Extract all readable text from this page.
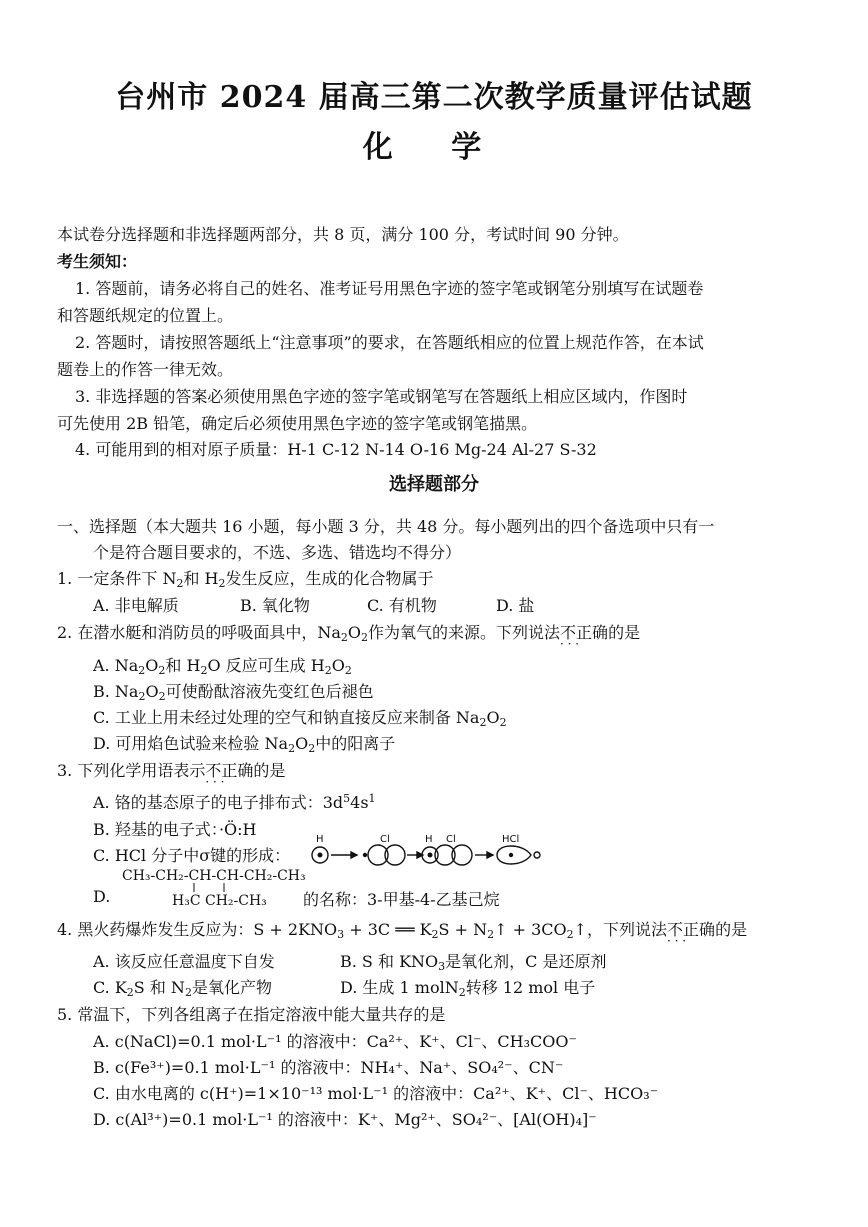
台州市 2024 届高三第二次教学质量评估试题
化 学
本试卷分选择题和非选择题两部分，共 8 页，满分 100 分，考试时间 90 分钟。
考生须知：
1. 答题前，请务必将自己的姓名、准考证号用黑色字迹的签字笔或钢笔分别填写在试题卷
和答题纸规定的位置上。
2. 答题时，请按照答题纸上“注意事项”的要求，在答题纸相应的位置上规范作答，在本试
题卷上的作答一律无效。
3. 非选择题的答案必须使用黑色字迹的签字笔或钢笔写在答题纸上相应区域内，作图时
可先使用 2B 铅笔，确定后必须使用黑色字迹的签字笔或钢笔描黑。
4. 可能用到的相对原子质量：H-1 C-12 N-14 O-16 Mg-24 Al-27 S-32
选择题部分
一、选择题（本大题共 16 小题，每小题 3 分，共 48 分。每小题列出的四个备选项中只有一
个是符合题目要求的，不选、多选、错选均不得分）
1. 一定条件下 $N_2$和 $H_2$发生反应，生成的化合物属于
A. 非电解质	B. 氧化物	C. 有机物	D. 盐
2. 在潜水艇和消防员的呼吸面具中，$Na_2O_2$作为氧气的来源。下列说法不正确 · · ·的是
A. $Na_2O_2$和 $H_2O$ 反应可生成 $H_2O_2$
B. $Na_2O_2$可使酚酞溶液先变红色后褪色
C. 工业上用未经过处理的空气和钠直接反应来制备 $Na_2O_2$
D. 可用焰色试验来检验 $Na_2O_2$中的阳离子
3. 下列化学用语表示不正确 · · ·的是
A. 铬的基态原子的电子排布式：$3d^54s^1$
B. 羟基的电子式：·Ö:H
C. HCl 分子中σ键的形成：
H	Cl	H Cl	HCl
CH₃-CH₂-CH-CH-CH₂-CH₃
D.	H₃C CH₂-CH₃ 的名称：3-甲基-4-乙基己烷
4. 黑火药爆炸发生反应为：$S + 2KNO_3 + 3C$ ══ $K_2S$ + $N_2↑$ + $3CO_2↑$，下列说法不正确 · · ·的是
A. 该反应任意温度下自发	B. S 和 $KNO_3$是氧化剂，C 是还原剂
C. $K_2S$ 和 $N_2$是氧化产物	D. 生成 1 molN$_2$转移 12 mol 电子
5. 常温下，下列各组离子在指定溶液中能大量共存的是
A. c(NaCl)=0.1 mol·L⁻¹ 的溶液中：Ca²⁺、K⁺、Cl⁻、CH₃COO⁻
B. c(Fe³⁺)=0.1 mol·L⁻¹ 的溶液中：NH₄⁺、Na⁺、SO₄²⁻、CN⁻
C. 由水电离的 c(H⁺)=1×10⁻¹³ mol·L⁻¹ 的溶液中：Ca²⁺、K⁺、Cl⁻、HCO₃⁻
D. c(Al³⁺)=0.1 mol·L⁻¹ 的溶液中：K⁺、Mg²⁺、SO₄²⁻、[Al(OH)₄]⁻
